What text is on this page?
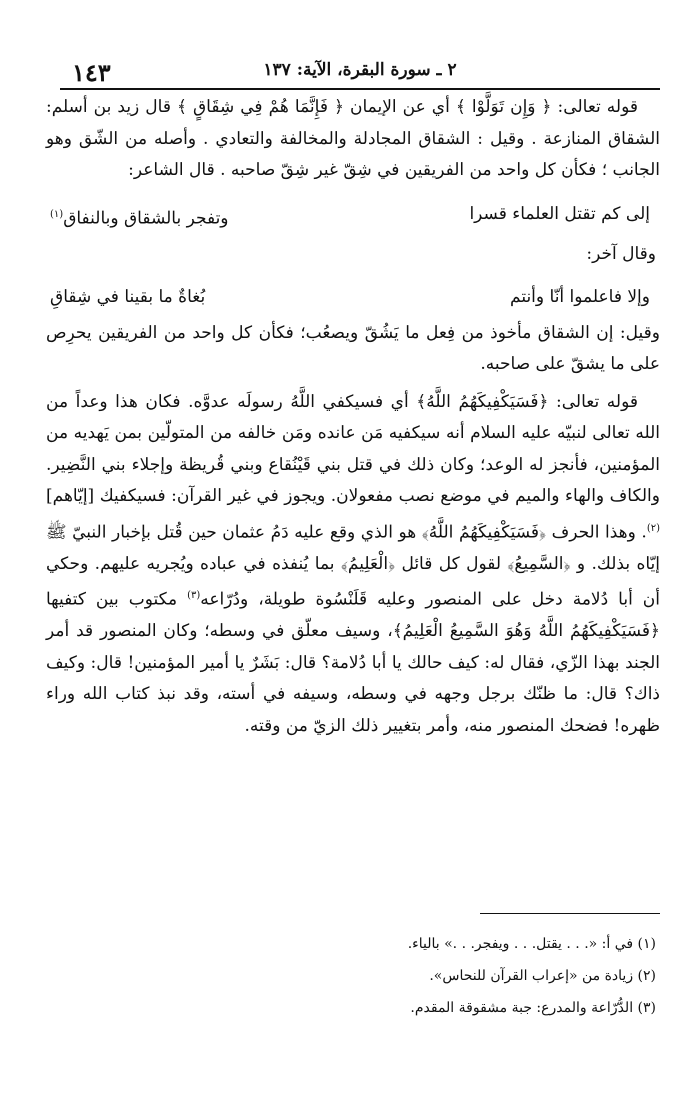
١٤٣	٢ ـ سورة البقرة، الآية: ١٣٧

قوله تعالى: ﴿ وَإِن تَوَلَّوْا ﴾ أي عن الإيمان ﴿ فَإِنَّمَا هُمْ فِي شِقَاقٍ ﴾ قال زيد بن أسلم: الشقاق المنازعة . وقيل : الشقاق المجادلة والمخالفة والتعادي . وأصله من الشّق وهو الجانب ؛ فكأن كل واحد من الفريقين في شِقّ غير شِقّ صاحبه . قال الشاعر:

إلى كم تقتل العلماء قسرا
وتفجر بالشقاق وبالنفاق$^{(١)}$

وقال آخر:

وإلا فاعلموا أنّا وأنتم
بُغاةٌ ما بقينا في شِقاقِ

وقيل: إن الشقاق مأخوذ من فِعل ما يَشُقّ ويصعُب؛ فكأن كل واحد من الفريقين يحرِص على ما يشقّ على صاحبه.

قوله تعالى: ﴿فَسَيَكْفِيكَهُمُ اللَّهُ﴾ أي فسيكفي اللَّهُ رسولَه عدوَّه. فكان هذا وعداً من الله تعالى لنبيّه عليه السلام أنه سيكفيه مَن عانده ومَن خالفه من المتولّين بمن يَهديه من المؤمنين، فأنجز له الوعد؛ وكان ذلك في قتل بني قَيْنُقاع وبني قُريظة وإجلاء بني النَّضِير. والكاف والهاء والميم في موضع نصب مفعولان. ويجوز في غير القرآن: فسيكفيك [إيّاهم]$^{(٢)}$. وهذا الحرف ﴿فَسَيَكْفِيكَهُمُ اللَّهُ﴾ هو الذي وقع عليه دَمُ عثمان حين قُتل بإخبار النبيّ ﷺ إيّاه بذلك. و ﴿السَّمِيعُ﴾ لقول كل قائل ﴿الْعَلِيمُ﴾ بما يُنفذه في عباده ويُجريه عليهم. وحكي أن أبا دُلامة دخل على المنصور وعليه قَلَنْسُوة طويلة، ودُرّاعه$^{(٣)}$ مكتوب بين كتفيها ﴿فَسَيَكْفِيكَهُمُ اللَّهُ وَهُوَ السَّمِيعُ الْعَلِيمُ﴾، وسيف معلّق في وسطه؛ وكان المنصور قد أمر الجند بهذا الزّي، فقال له: كيف حالك يا أبا دُلامة؟ قال: بَشَرٌ يا أمير المؤمنين! قال: وكيف ذاك؟ قال: ما ظنّك برجل وجهه في وسطه، وسيفه في أسته، وقد نبذ كتاب الله وراء ظهره! فضحك المنصور منه، وأمر بتغيير ذلك الزيّ من وقته.

(١) في أ: «. . . يقتل. . . ويفجر. . .» بالياء.

(٢) زيادة من «إعراب القرآن للنحاس».

(٣) الدُّرّاعة والمدرع: جبة مشقوقة المقدم.
